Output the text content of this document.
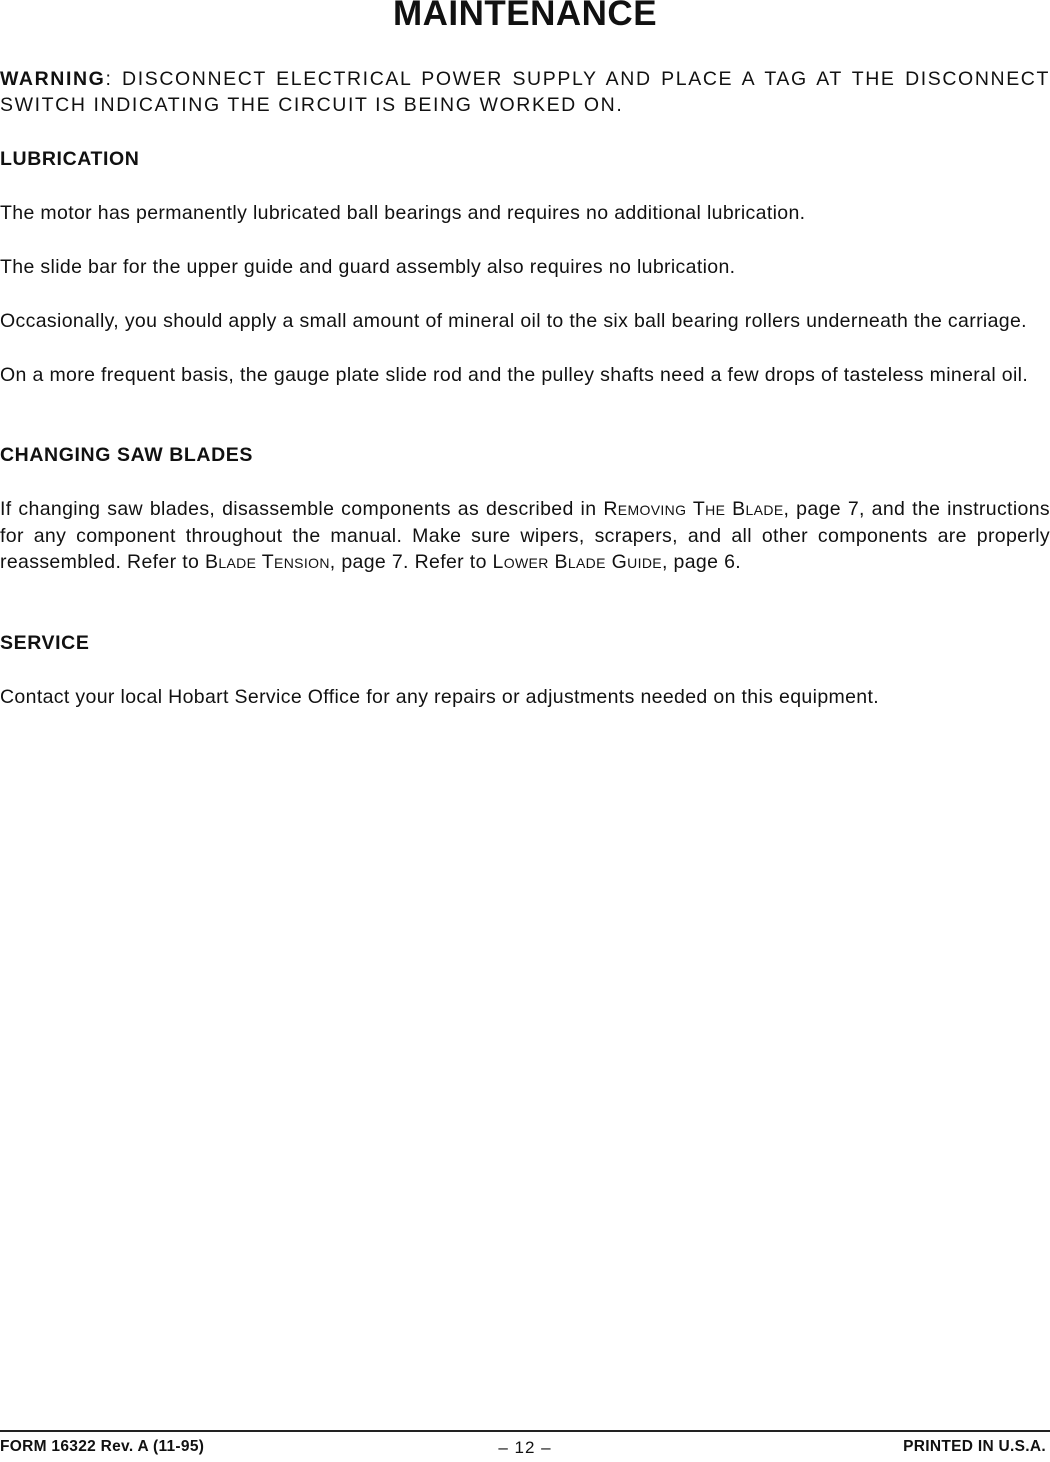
MAINTENANCE

WARNING: DISCONNECT ELECTRICAL POWER SUPPLY AND PLACE A TAG AT THE DISCONNECT SWITCH INDICATING THE CIRCUIT IS BEING WORKED ON.

LUBRICATION

The motor has permanently lubricated ball bearings and requires no additional lubrication.

The slide bar for the upper guide and guard assembly also requires no lubrication.

Occasionally, you should apply a small amount of mineral oil to the six ball bearing rollers underneath the carriage.

On a more frequent basis, the gauge plate slide rod and the pulley shafts need a few drops of tasteless mineral oil.

CHANGING SAW BLADES

If changing saw blades, disassemble components as described in REMOVING THE BLADE, page 7, and the instructions for any component throughout the manual. Make sure wipers, scrapers, and all other components are properly reassembled. Refer to BLADE TENSION, page 7. Refer to LOWER BLADE GUIDE, page 6.

SERVICE

Contact your local Hobart Service Office for any repairs or adjustments needed on this equipment.

FORM 16322 Rev. A (11-95)	– 12 –	PRINTED IN U.S.A.
